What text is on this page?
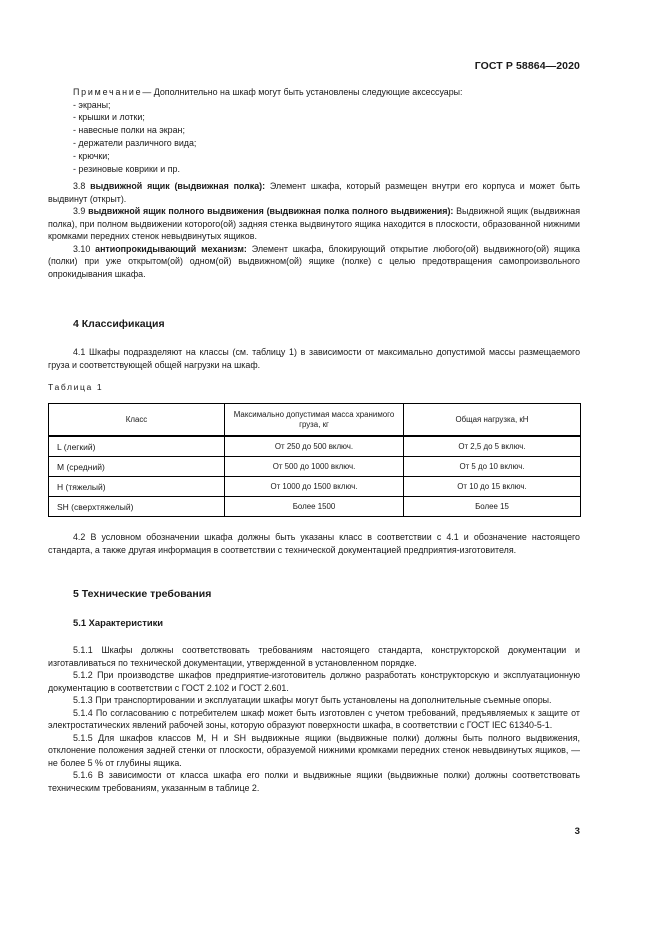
ГОСТ Р 58864—2020

Примечание— Дополнительно на шкаф могут быть установлены следующие аксессуары:

- экраны;
- крышки и лотки;
- навесные полки на экран;
- держатели различного вида;
- крючки;
- резиновые коврики и пр.

3.8 выдвижной ящик (выдвижная полка): Элемент шкафа, который размещен внутри его корпуса и может быть выдвинут (открыт).

3.9 выдвижной ящик полного выдвижения (выдвижная полка полного выдвижения): Выдвижной ящик (выдвижная полка), при полном выдвижении которого(ой) задняя стенка выдвинутого ящика находится в плоскости, образованной нижними кромками передних стенок невыдвинутых ящиков.

3.10 антиопрокидывающий механизм: Элемент шкафа, блокирующий открытие любого(ой) выдвижного(ой) ящика (полки) при уже открытом(ой) одном(ой) выдвижном(ой) ящике (полке) с целью предотвращения самопроизвольного опрокидывания шкафа.

4 Классификация

4.1 Шкафы подразделяют на классы (см. таблицу 1) в зависимости от максимально допустимой массы размещаемого груза и соответствующей общей нагрузки на шкаф.

Таблица 1
Класс	Максимально допустимая масса хранимого груза, кг	Общая нагрузка, кН
L (легкий)	От 250 до 500 включ.	От 2,5 до 5 включ.
M (средний)	От 500 до 1000 включ.	От 5 до 10 включ.
H (тяжелый)	От 1000 до 1500 включ.	От 10 до 15 включ.
SH (сверхтяжелый)	Более 1500	Более 15

4.2 В условном обозначении шкафа должны быть указаны класс в соответствии с 4.1 и обозначение настоящего стандарта, а также другая информация в соответствии с технической документацией предприятия-изготовителя.

5 Технические требования
5.1 Характеристики

5.1.1 Шкафы должны соответствовать требованиям настоящего стандарта, конструкторской документации и изготавливаться по технической документации, утвержденной в установленном порядке.

5.1.2 При производстве шкафов предприятие-изготовитель должно разработать конструкторскую и эксплуатационную документацию в соответствии с ГОСТ 2.102 и ГОСТ 2.601.

5.1.3 При транспортировании и эксплуатации шкафы могут быть установлены на дополнительные съемные опоры.

5.1.4 По согласованию с потребителем шкаф может быть изготовлен с учетом требований, предъявляемых к защите от электростатических явлений рабочей зоны, которую образуют поверхности шкафа, в соответствии с ГОСТ IEC 61340-5-1.

5.1.5 Для шкафов классов M, H и SH выдвижные ящики (выдвижные полки) должны быть полного выдвижения, отклонение положения задней стенки от плоскости, образуемой нижними кромками передних стенок невыдвинутых ящиков, — не более 5 % от глубины ящика.

5.1.6 В зависимости от класса шкафа его полки и выдвижные ящики (выдвижные полки) должны соответствовать техническим требованиям, указанным в таблице 2.

3
